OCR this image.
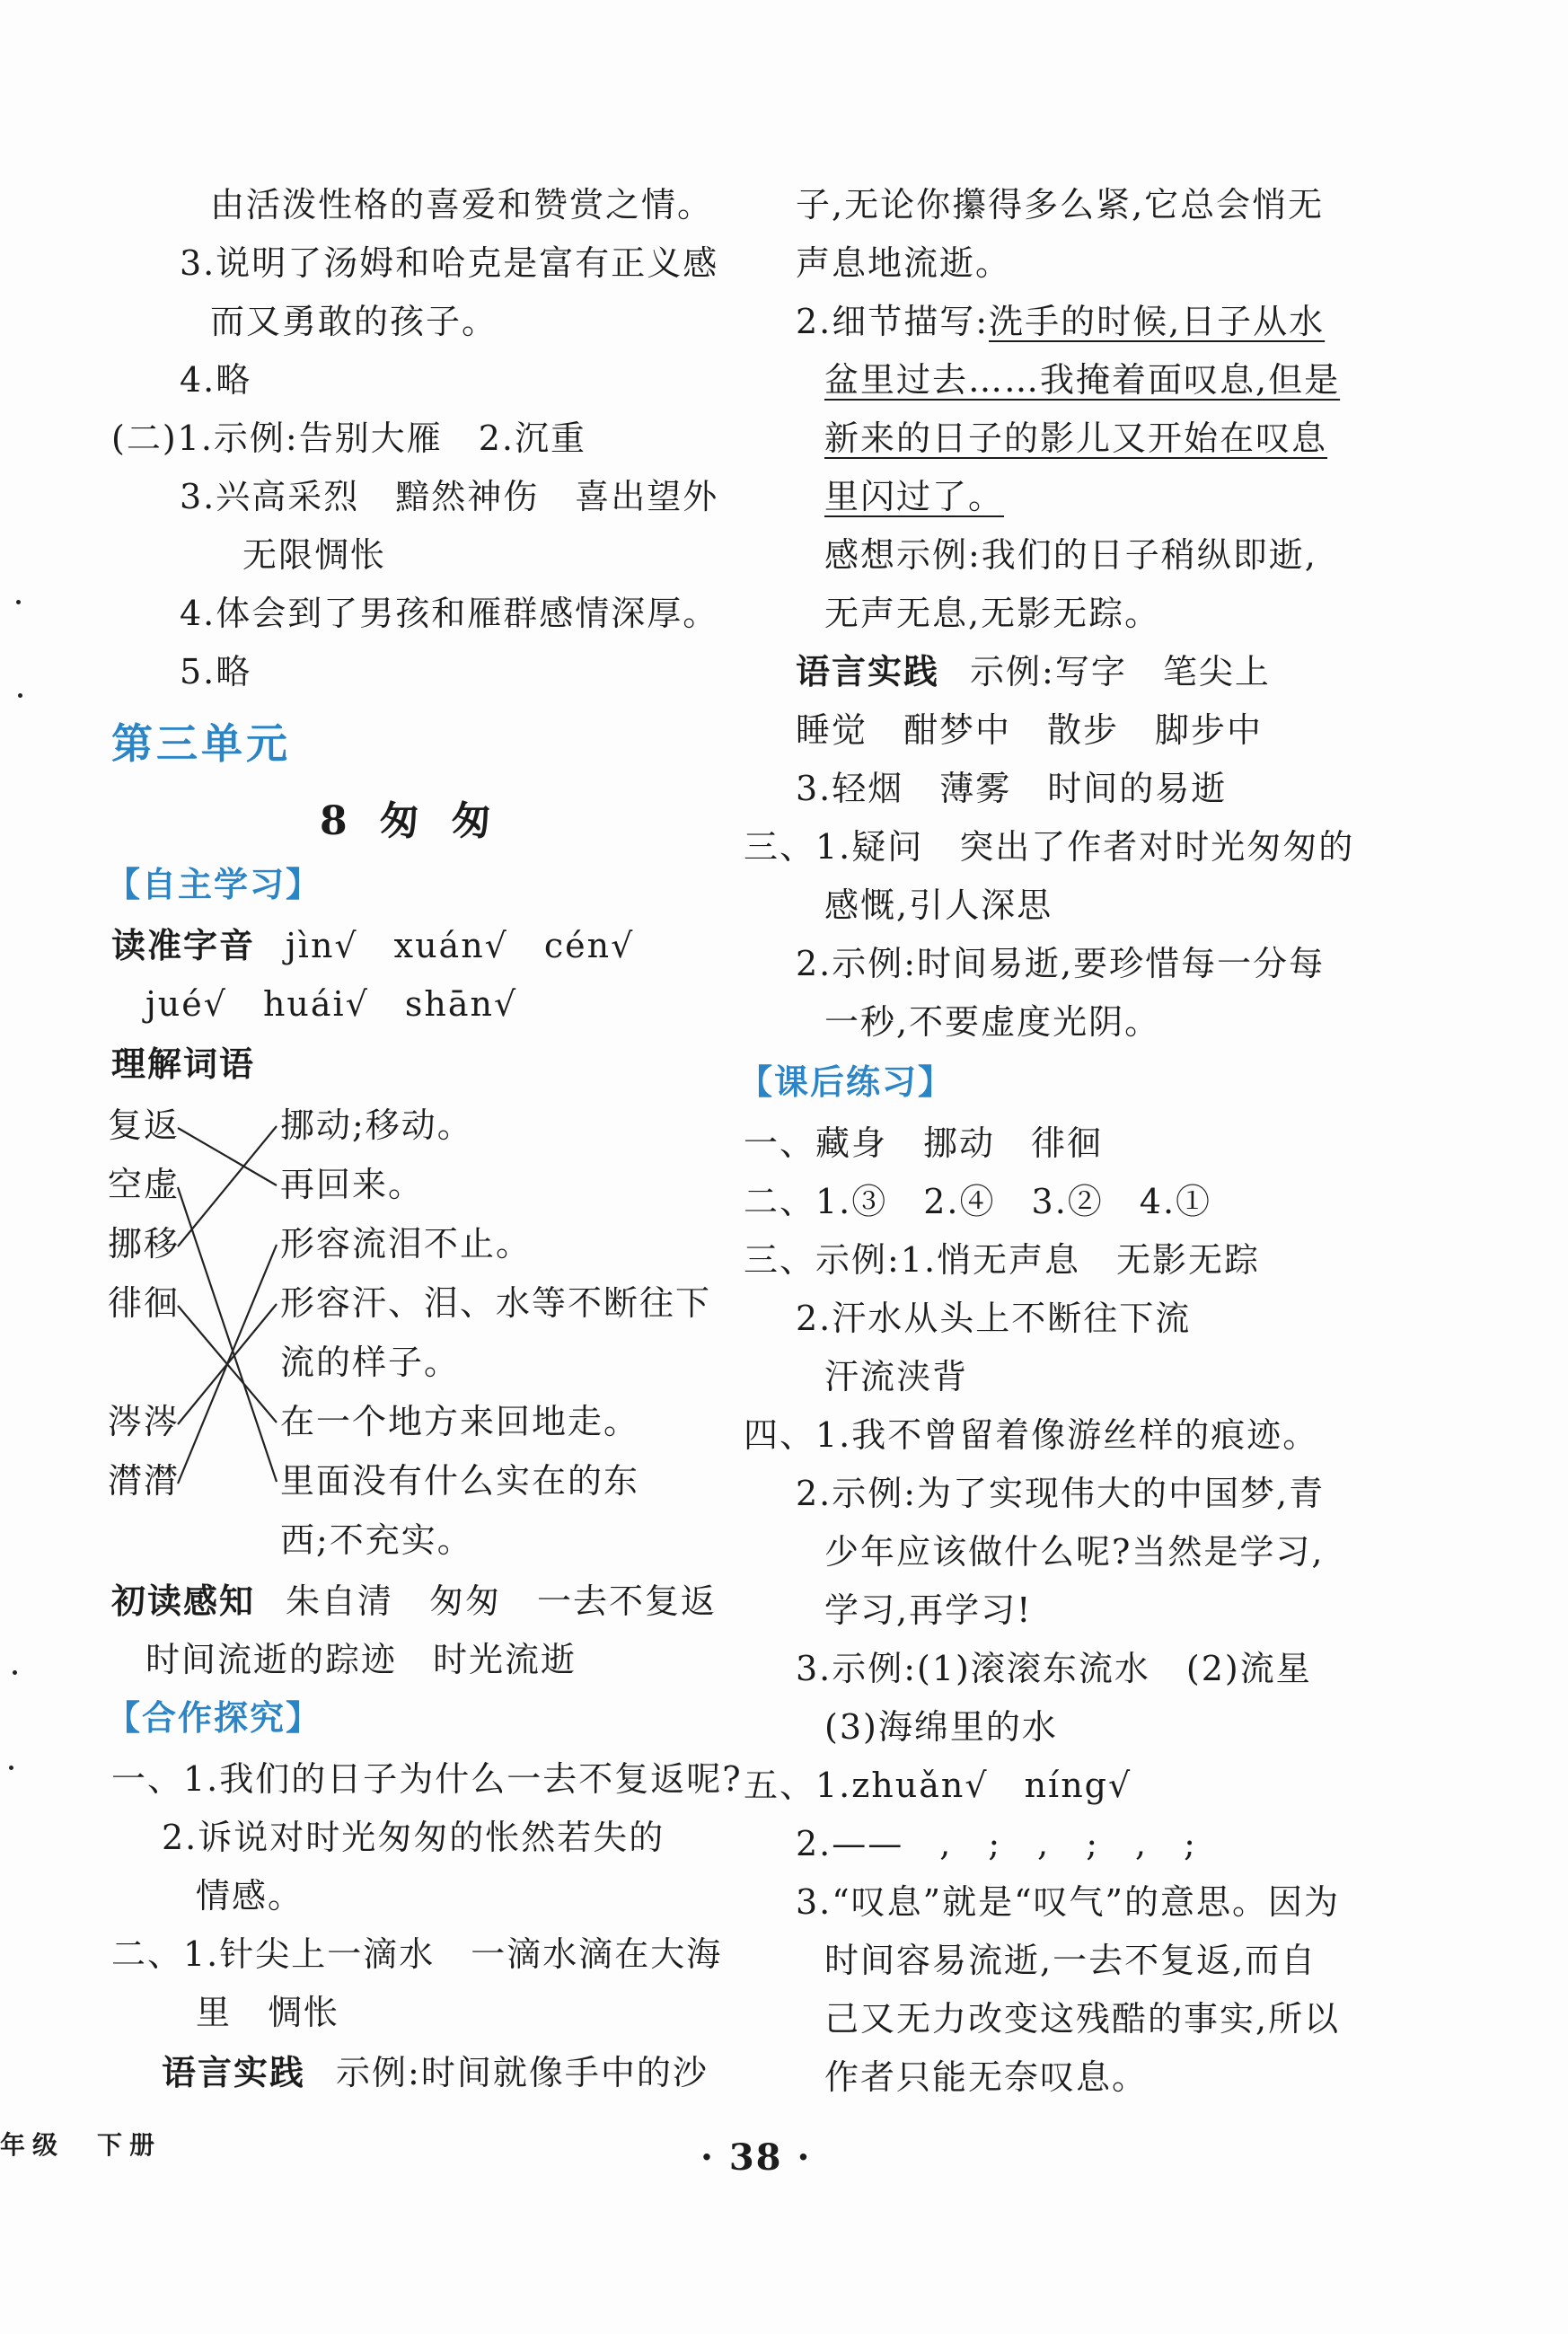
由活泼性格的喜爱和赞赏之情。
3.说明了汤姆和哈克是富有正义感
而又勇敢的孩子。
4.略
(二)1.示例:告别大雁　2.沉重
3.兴高采烈　黯然神伤　喜出望外
无限惆怅
4.体会到了男孩和雁群感情深厚。
5.略
第三单元
8 匆 匆
【自主学习】
读准字音 jìn√　xuán√　cén√
jué√　huái√　shān√
理解词语
复返
空虚
挪移
徘徊
涔涔
潸潸
挪动;移动。
再回来。
形容流泪不止。
形容汗、泪、水等不断往下
流的样子。
在一个地方来回地走。
里面没有什么实在的东
西;不充实。
初读感知 朱自清　匆匆　一去不复返
时间流逝的踪迹　时光流逝
【合作探究】
一、1.我们的日子为什么一去不复返呢?
2.诉说对时光匆匆的怅然若失的
情感。
二、1.针尖上一滴水　一滴水滴在大海
里　惆怅
语言实践 示例:时间就像手中的沙
子,无论你攥得多么紧,它总会悄无
声息地流逝。
2.细节描写:洗手的时候,日子从水
盆里过去……我掩着面叹息,但是
新来的日子的影儿又开始在叹息
里闪过了。
感想示例:我们的日子稍纵即逝,
无声无息,无影无踪。
语言实践 示例:写字　笔尖上
睡觉　酣梦中　散步　脚步中
3.轻烟　薄雾　时间的易逝
三、1.疑问　突出了作者对时光匆匆的
感慨,引人深思
2.示例:时间易逝,要珍惜每一分每
一秒,不要虚度光阴。
【课后练习】
一、藏身　挪动　徘徊
二、1.③　2.④　3.②　4.①
三、示例:1.悄无声息　无影无踪
2.汗水从头上不断往下流
汗流浃背
四、1.我不曾留着像游丝样的痕迹。
2.示例:为了实现伟大的中国梦,青
少年应该做什么呢?当然是学习,
学习,再学习!
3.示例:(1)滚滚东流水　(2)流星
(3)海绵里的水
五、1.zhuǎn√　níng√
2.——　,　;　,　;　,　;
3.“叹息”就是“叹气”的意思。因为
时间容易流逝,一去不复返,而自
己又无力改变这残酷的事实,所以
作者只能无奈叹息。
· 38 ·
年级　下册
